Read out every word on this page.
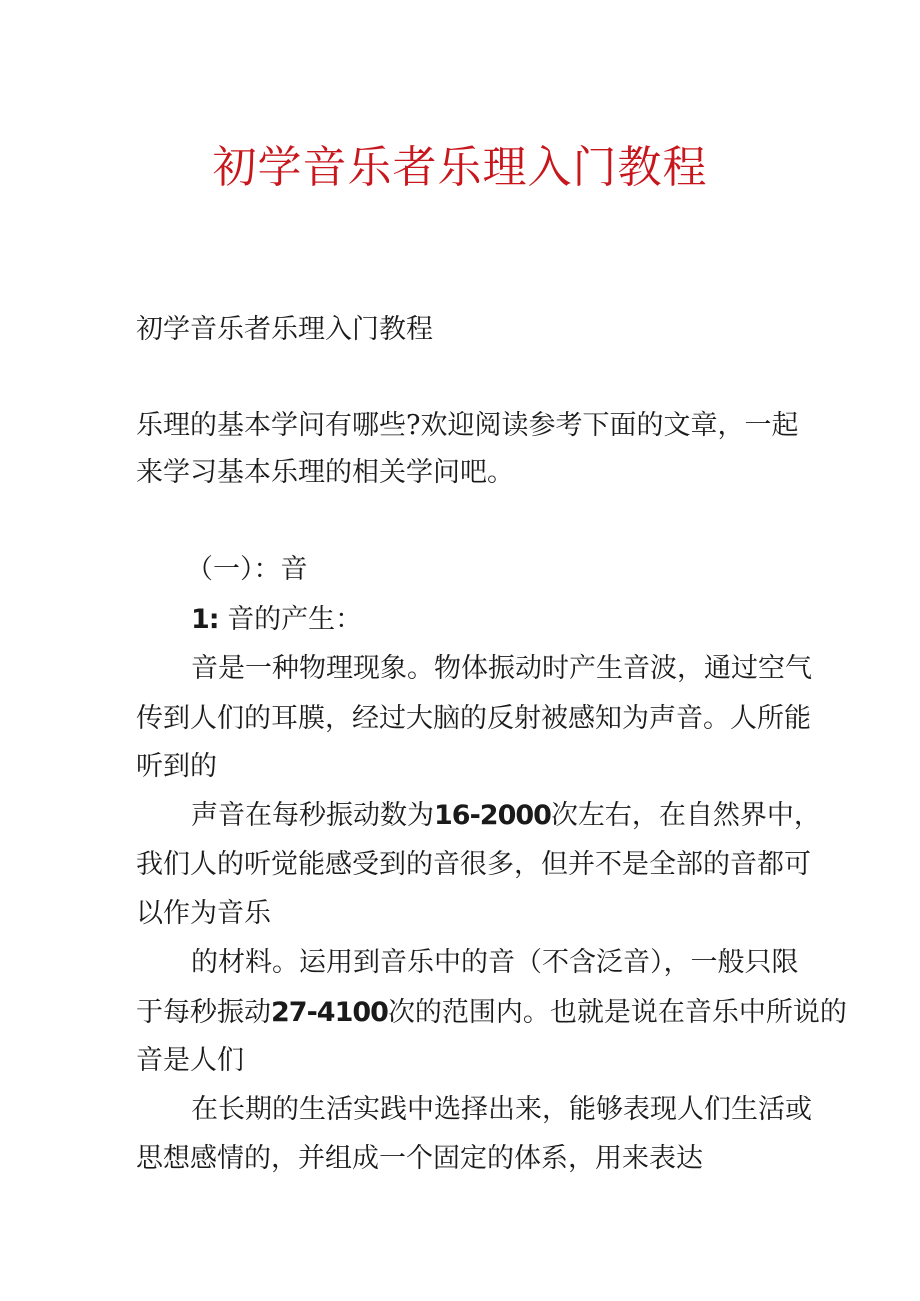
初学音乐者乐理入门教程

初学音乐者乐理入门教程

乐理的基本学问有哪些?欢迎阅读参考下面的文章，一起

来学习基本乐理的相关学问吧。

（一）：音

1: 音的产生：

音是一种物理现象。物体振动时产生音波，通过空气

传到人们的耳膜，经过大脑的反射被感知为声音。人所能

听到的

声音在每秒振动数为16-2000次左右，在自然界中，

我们人的听觉能感受到的音很多，但并不是全部的音都可

以作为音乐

的材料。运用到音乐中的音（不含泛音），一般只限

于每秒振动27-4100次的范围内。也就是说在音乐中所说的

音是人们

在长期的生活实践中选择出来，能够表现人们生活或

思想感情的，并组成一个固定的体系，用来表达
